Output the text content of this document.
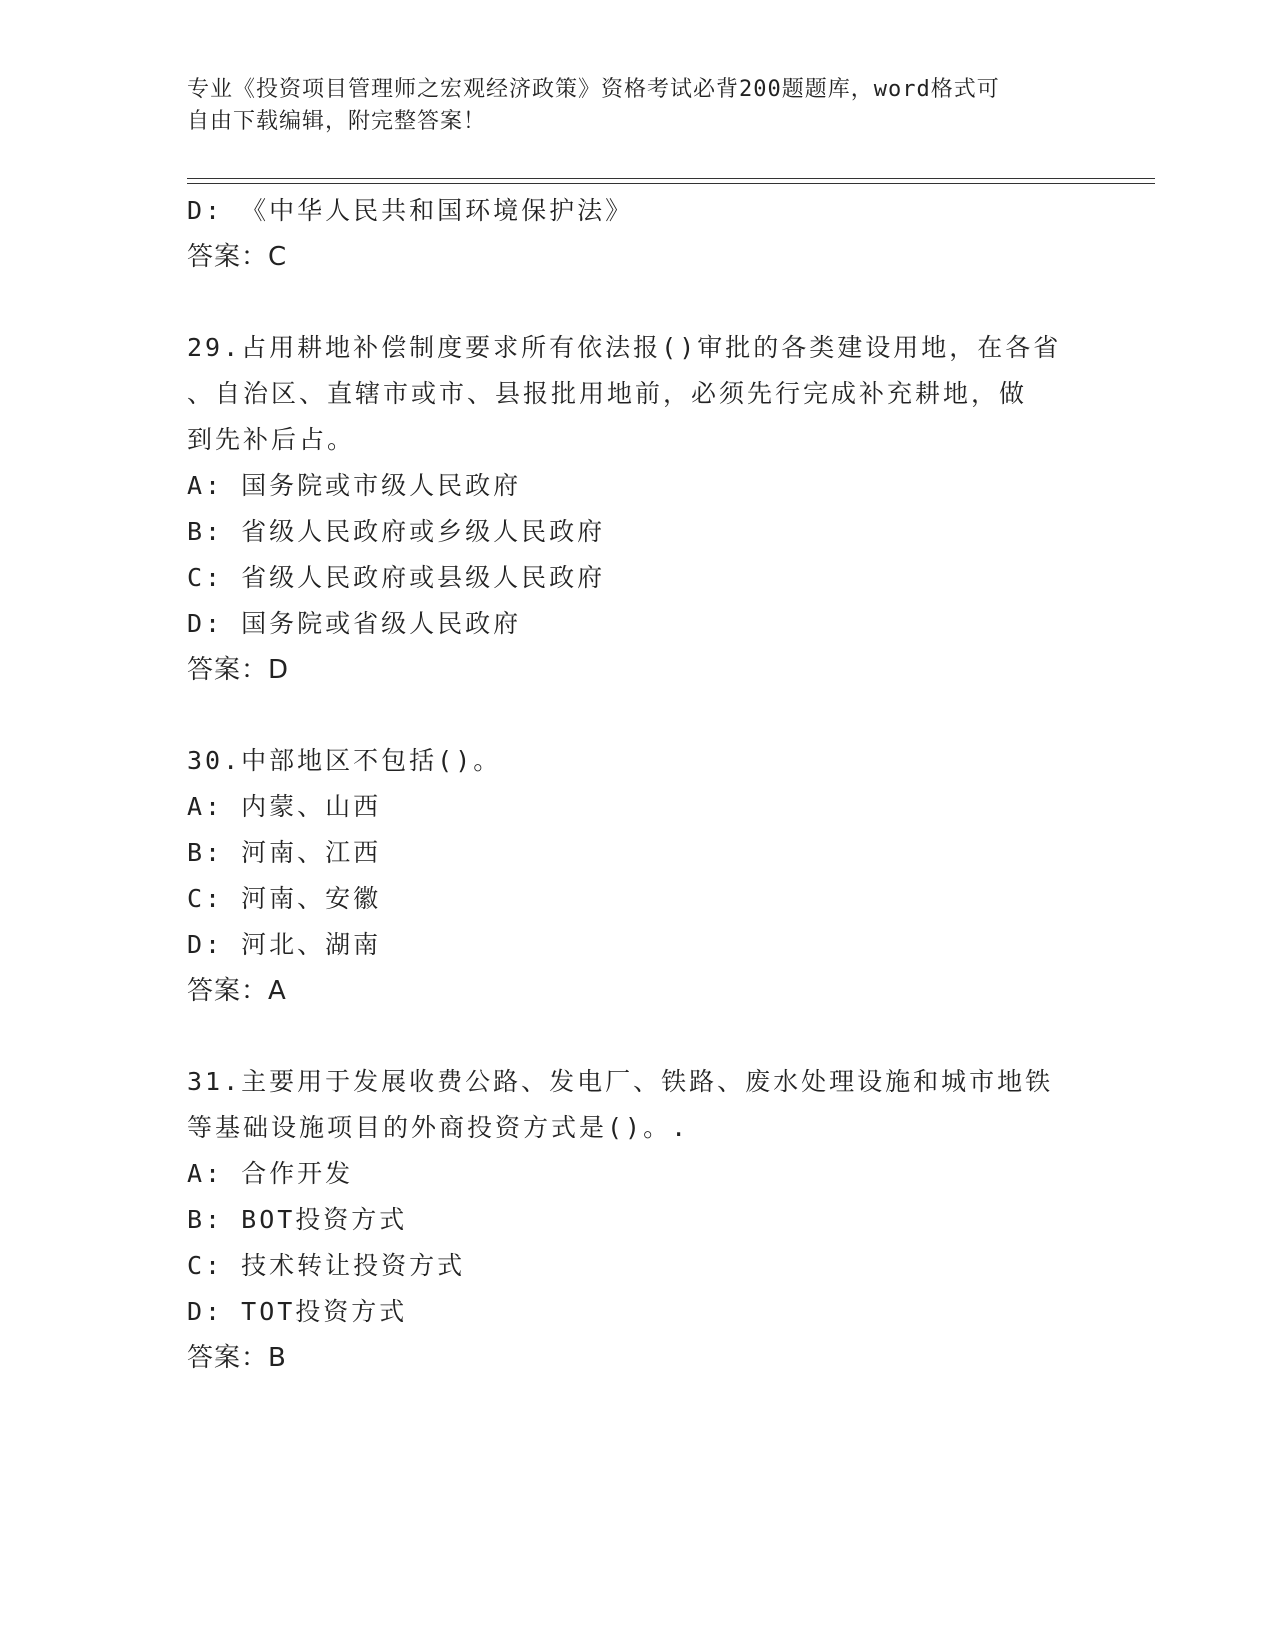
专业《投资项目管理师之宏观经济政策》资格考试必背200题题库，word格式可
自由下载编辑，附完整答案！
D: 《中华人民共和国环境保护法》
答案：C
29.占用耕地补偿制度要求所有依法报()审批的各类建设用地，在各省
、自治区、直辖市或市、县报批用地前，必须先行完成补充耕地，做
到先补后占。
A: 国务院或市级人民政府
B: 省级人民政府或乡级人民政府
C: 省级人民政府或县级人民政府
D: 国务院或省级人民政府
答案：D
30.中部地区不包括()。
A: 内蒙、山西
B: 河南、江西
C: 河南、安徽
D: 河北、湖南
答案：A
31.主要用于发展收费公路、发电厂、铁路、废水处理设施和城市地铁
等基础设施项目的外商投资方式是()。.
A: 合作开发
B: BOT投资方式
C: 技术转让投资方式
D: TOT投资方式
答案：B
